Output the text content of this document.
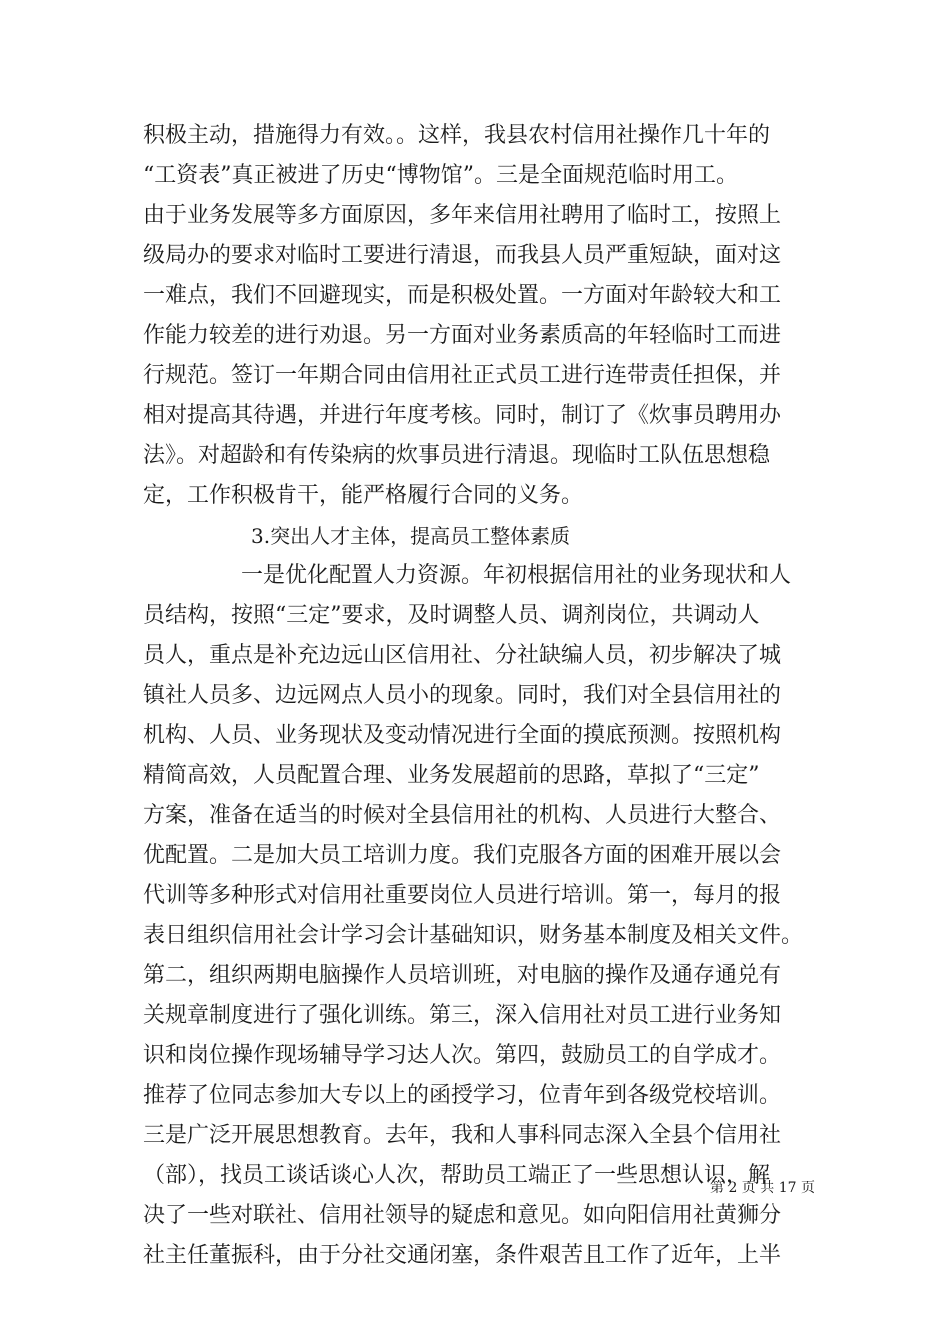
积极主动，措施得力有效。。这样，我县农村信用社操作几十年的
“工资表”真正被进了历史“博物馆”。三是全面规范临时用工。
由于业务发展等多方面原因，多年来信用社聘用了临时工，按照上
级局办的要求对临时工要进行清退，而我县人员严重短缺，面对这
一难点，我们不回避现实，而是积极处置。一方面对年龄较大和工
作能力较差的进行劝退。另一方面对业务素质高的年轻临时工而进
行规范。签订一年期合同由信用社正式员工进行连带责任担保，并
相对提高其待遇，并进行年度考核。同时，制订了《炊事员聘用办
法》。对超龄和有传染病的炊事员进行清退。现临时工队伍思想稳
定，工作积极肯干，能严格履行合同的义务。
3.突出人才主体，提高员工整体素质
一是优化配置人力资源。年初根据信用社的业务现状和人
员结构，按照“三定”要求，及时调整人员、调剂岗位，共调动人
员人，重点是补充边远山区信用社、分社缺编人员，初步解决了城
镇社人员多、边远网点人员小的现象。同时，我们对全县信用社的
机构、人员、业务现状及变动情况进行全面的摸底预测。按照机构
精简高效，人员配置合理、业务发展超前的思路，草拟了“三定”
方案，准备在适当的时候对全县信用社的机构、人员进行大整合、
优配置。二是加大员工培训力度。我们克服各方面的困难开展以会
代训等多种形式对信用社重要岗位人员进行培训。第一，每月的报
表日组织信用社会计学习会计基础知识，财务基本制度及相关文件。
第二，组织两期电脑操作人员培训班，对电脑的操作及通存通兑有
关规章制度进行了强化训练。第三，深入信用社对员工进行业务知
识和岗位操作现场辅导学习达人次。第四，鼓励员工的自学成才。
推荐了位同志参加大专以上的函授学习，位青年到各级党校培训。
三是广泛开展思想教育。去年，我和人事科同志深入全县个信用社
（部），找员工谈话谈心人次，帮助员工端正了一些思想认识，解
决了一些对联社、信用社领导的疑虑和意见。如向阳信用社黄狮分
社主任董振科，由于分社交通闭塞，条件艰苦且工作了近年，上半
第 2 页 共 17 页
